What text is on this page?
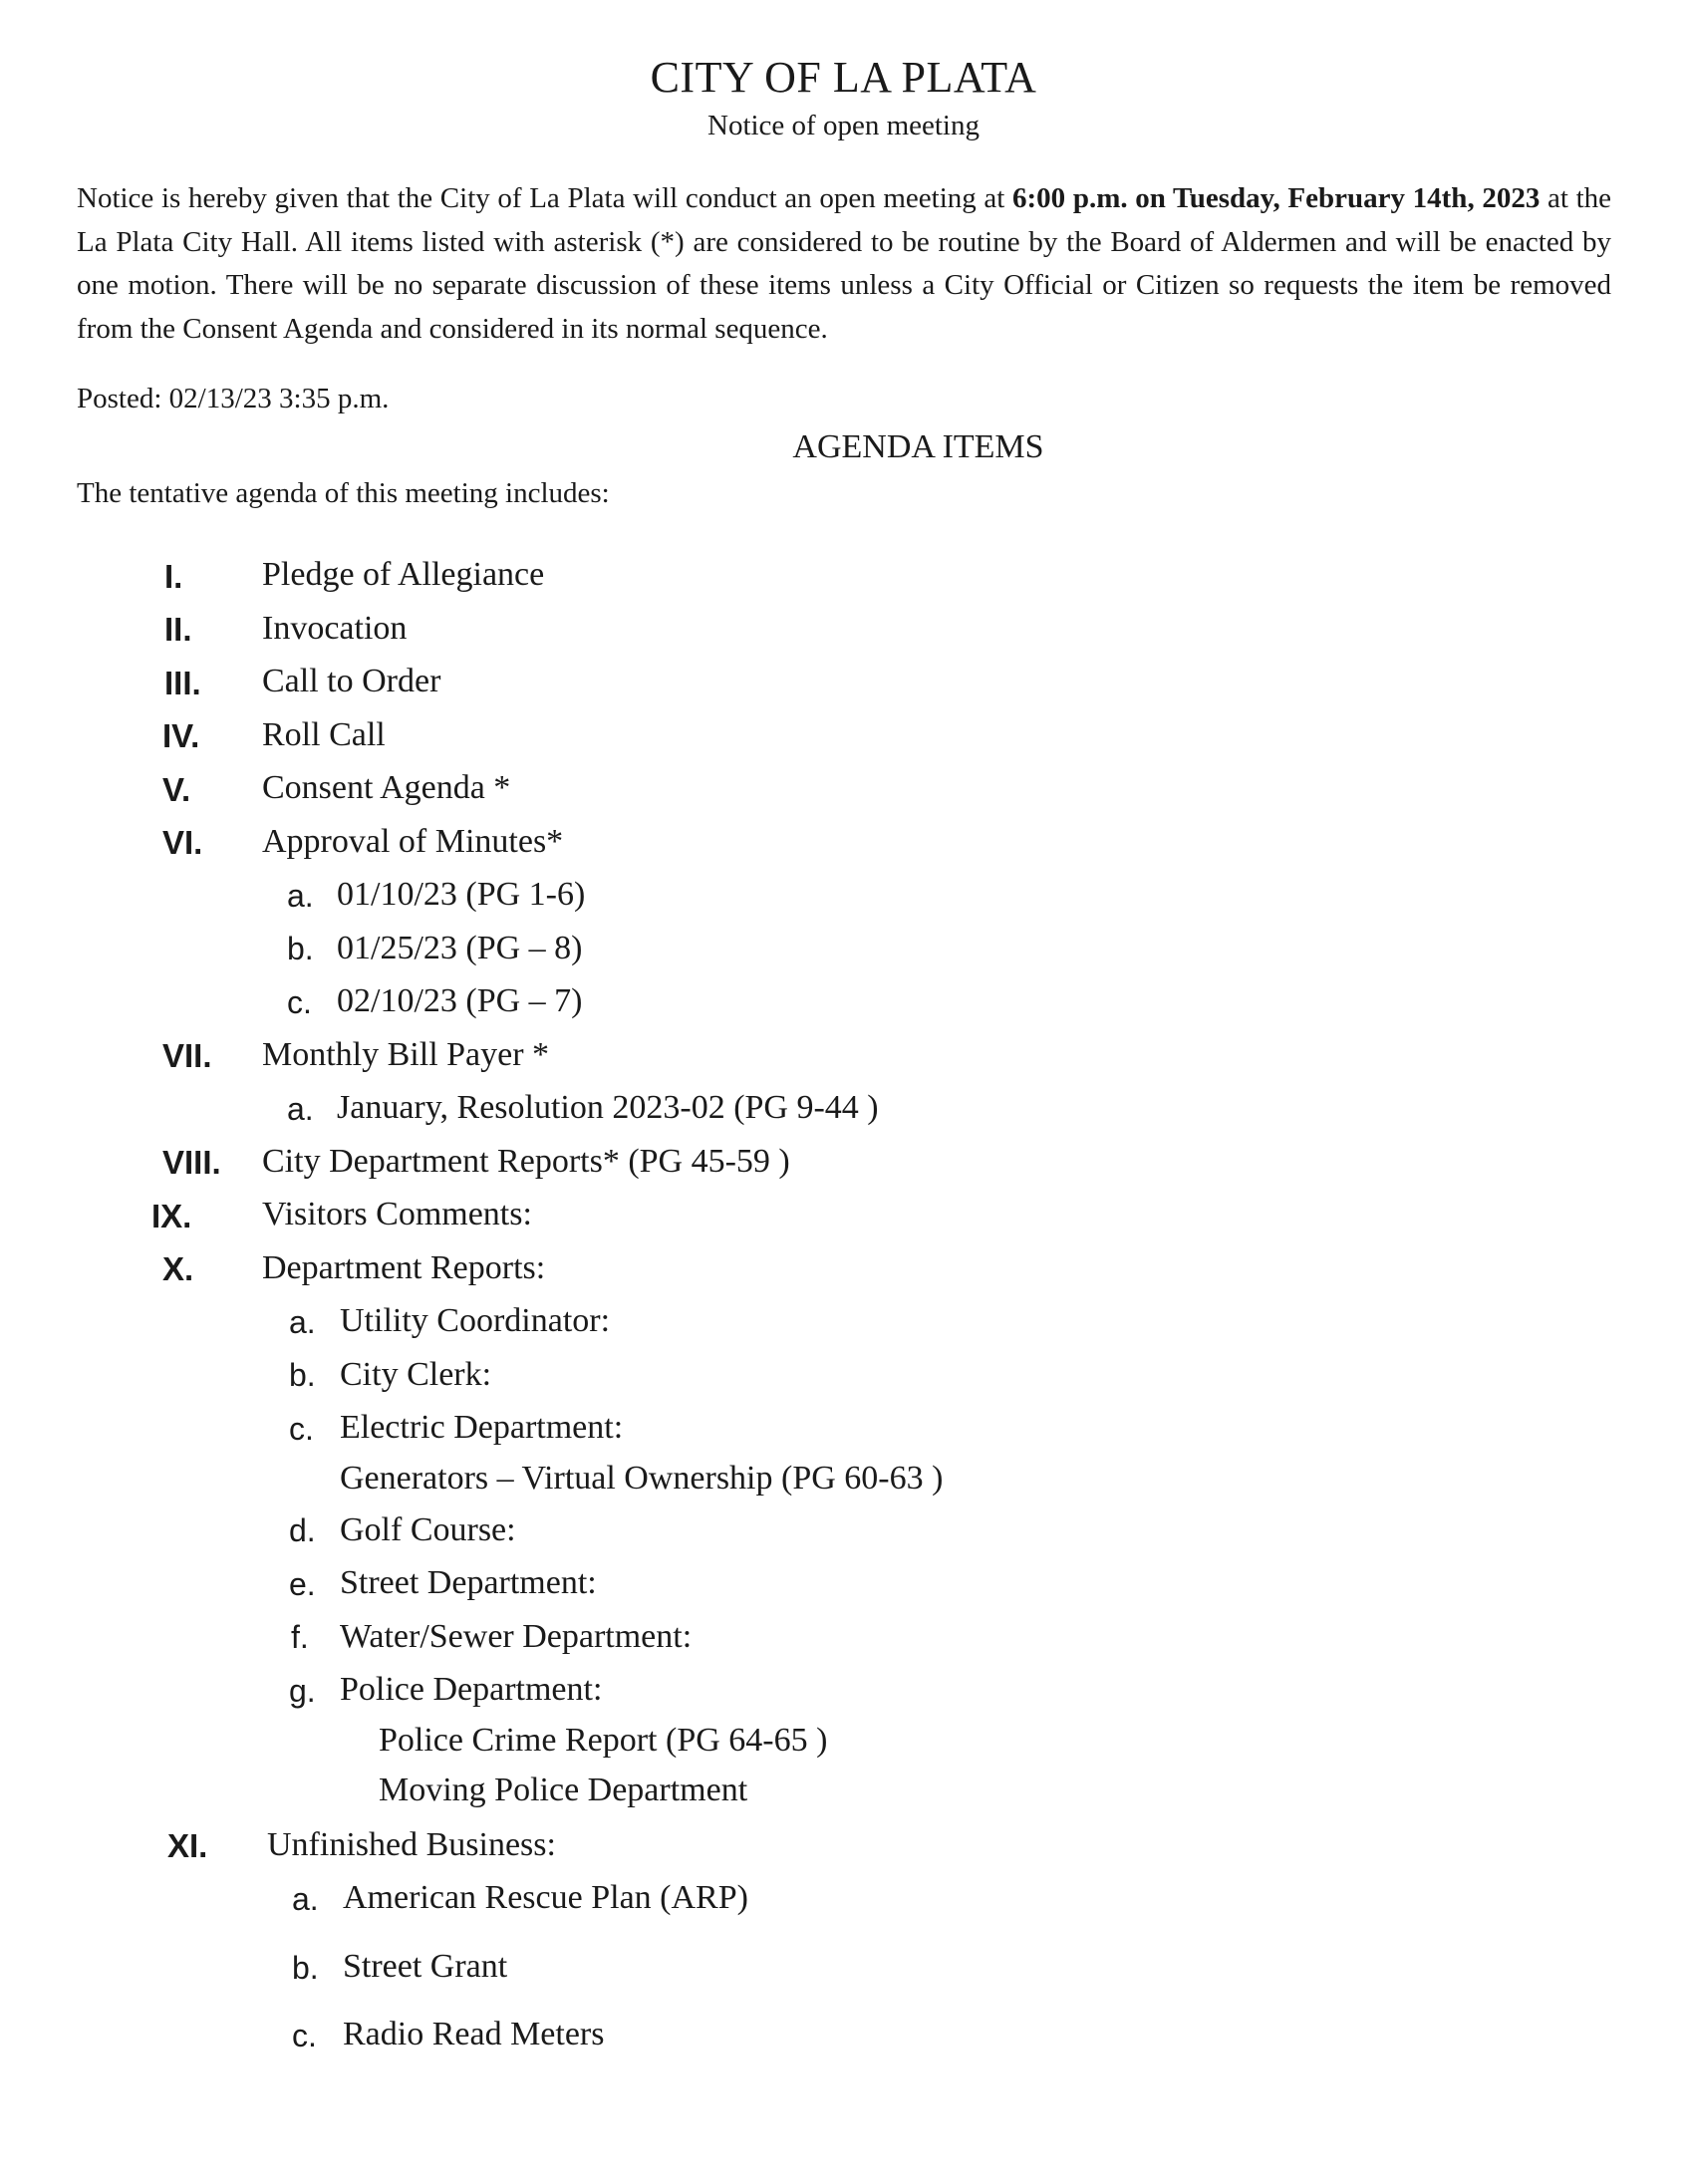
CITY OF LA PLATA
Notice of open meeting
Notice is hereby given that the City of La Plata will conduct an open meeting at 6:00 p.m. on Tuesday, February 14th, 2023 at the La Plata City Hall. All items listed with asterisk (*) are considered to be routine by the Board of Aldermen and will be enacted by one motion. There will be no separate discussion of these items unless a City Official or Citizen so requests the item be removed from the Consent Agenda and considered in its normal sequence.
Posted: 02/13/23 3:35 p.m.
AGENDA ITEMS
The tentative agenda of this meeting includes:
I. Pledge of Allegiance
II. Invocation
III. Call to Order
IV. Roll Call
V. Consent Agenda *
VI. Approval of Minutes*
a. 01/10/23 (PG 1-6)
b. 01/25/23 (PG – 8)
c. 02/10/23 (PG – 7)
VII. Monthly Bill Payer *
a. January, Resolution 2023-02 (PG 9-44 )
VIII. City Department Reports* (PG 45-59 )
IX. Visitors Comments:
X. Department Reports:
a. Utility Coordinator:
b. City Clerk:
c. Electric Department:
Generators – Virtual Ownership (PG 60-63 )
d. Golf Course:
e. Street Department:
f. Water/Sewer Department:
g. Police Department:
Police Crime Report (PG 64-65 )
Moving Police Department
XI. Unfinished Business:
a. American Rescue Plan (ARP)
b. Street Grant
c. Radio Read Meters
